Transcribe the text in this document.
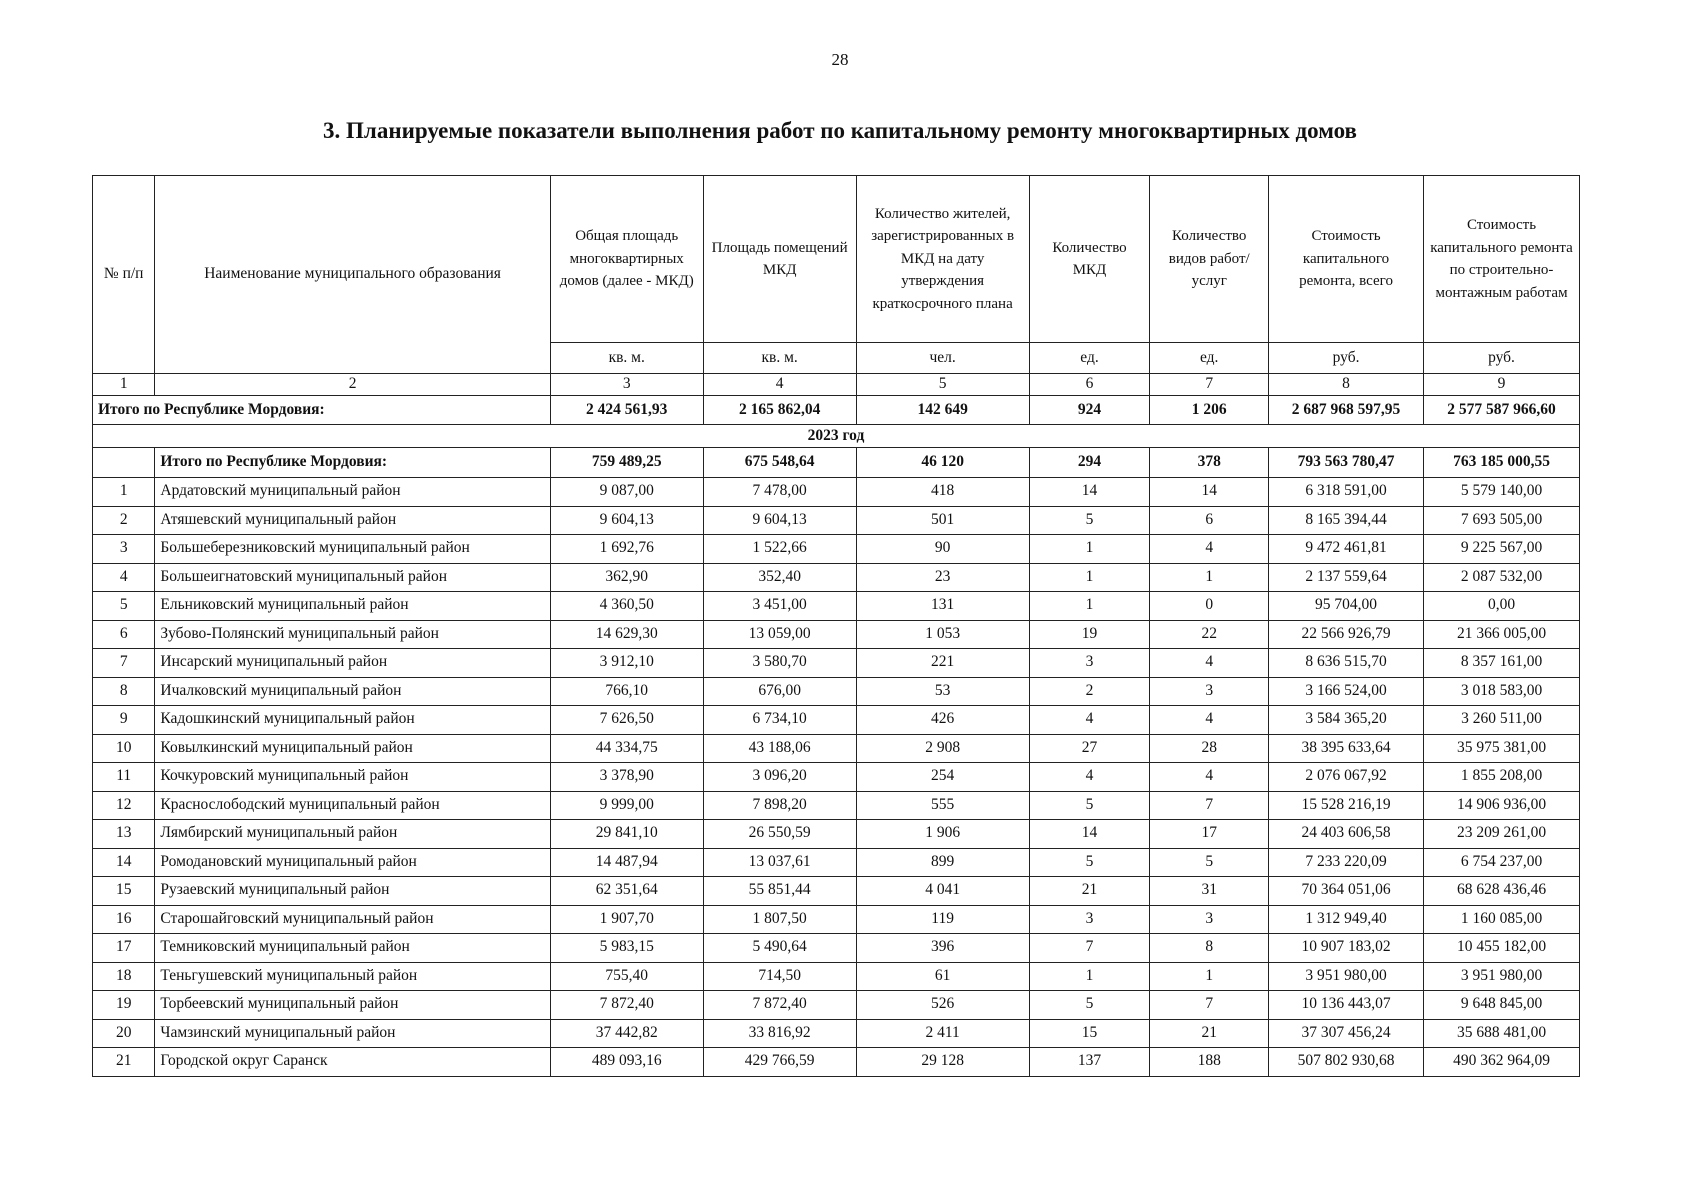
28
3. Планируемые показатели выполнения работ по капитальному ремонту многоквартирных домов
№ п/п	Наименование муниципального образования	Общая площадь многоквартирных домов (далее - МКД)	Площадь помещений МКД	Количество жителей, зарегистрированных в МКД на дату утверждения краткосрочного плана	Количество МКД	Количество видов работ/услуг	Стоимость капитального ремонта, всего	Стоимость капитального ремонта по строительно-монтажным работам
		кв. м.	кв. м.	чел.	ед.	ед.	руб.	руб.
1	2	3	4	5	6	7	8	9
Итого по Республике Мордовия:		2 424 561,93	2 165 862,04	142 649	924	1 206	2 687 968 597,95	2 577 587 966,60
2023 год								
	Итого по Республике Мордовия:	759 489,25	675 548,64	46 120	294	378	793 563 780,47	763 185 000,55
1	Ардатовский муниципальный район	9 087,00	7 478,00	418	14	14	6 318 591,00	5 579 140,00
2	Атяшевский муниципальный район	9 604,13	9 604,13	501	5	6	8 165 394,44	7 693 505,00
3	Большеберезниковский муниципальный район	1 692,76	1 522,66	90	1	4	9 472 461,81	9 225 567,00
4	Большеигнатовский муниципальный район	362,90	352,40	23	1	1	2 137 559,64	2 087 532,00
5	Ельниковский муниципальный район	4 360,50	3 451,00	131	1	0	95 704,00	0,00
6	Зубово-Полянский муниципальный район	14 629,30	13 059,00	1 053	19	22	22 566 926,79	21 366 005,00
7	Инсарский муниципальный район	3 912,10	3 580,70	221	3	4	8 636 515,70	8 357 161,00
8	Ичалковский муниципальный район	766,10	676,00	53	2	3	3 166 524,00	3 018 583,00
9	Кадошкинский муниципальный район	7 626,50	6 734,10	426	4	4	3 584 365,20	3 260 511,00
10	Ковылкинский муниципальный район	44 334,75	43 188,06	2 908	27	28	38 395 633,64	35 975 381,00
11	Кочкуровский муниципальный район	3 378,90	3 096,20	254	4	4	2 076 067,92	1 855 208,00
12	Краснослободский муниципальный район	9 999,00	7 898,20	555	5	7	15 528 216,19	14 906 936,00
13	Лямбирский муниципальный район	29 841,10	26 550,59	1 906	14	17	24 403 606,58	23 209 261,00
14	Ромодановский муниципальный район	14 487,94	13 037,61	899	5	5	7 233 220,09	6 754 237,00
15	Рузаевский муниципальный район	62 351,64	55 851,44	4 041	21	31	70 364 051,06	68 628 436,46
16	Старошайговский муниципальный район	1 907,70	1 807,50	119	3	3	1 312 949,40	1 160 085,00
17	Темниковский муниципальный район	5 983,15	5 490,64	396	7	8	10 907 183,02	10 455 182,00
18	Теньгушевский муниципальный район	755,40	714,50	61	1	1	3 951 980,00	3 951 980,00
19	Торбеевский муниципальный район	7 872,40	7 872,40	526	5	7	10 136 443,07	9 648 845,00
20	Чамзинский муниципальный район	37 442,82	33 816,92	2 411	15	21	37 307 456,24	35 688 481,00
21	Городской округ Саранск	489 093,16	429 766,59	29 128	137	188	507 802 930,68	490 362 964,09
